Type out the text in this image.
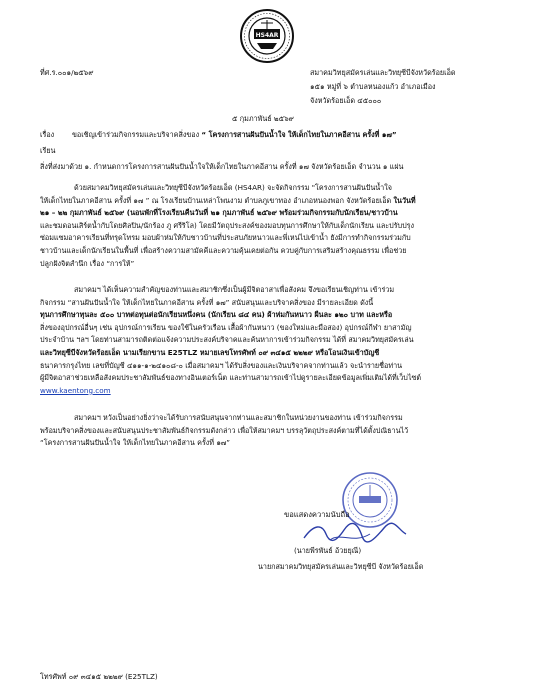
HS4AR
ที่ศ.ร.๐๐๑/๒๕๖๙	สมาคมวิทยุสมัครเล่นและวิทยุซีบีจังหวัดร้อยเอ็ด
๑๕๑ หมู่ที่ ๖ ตำบลหนองแก้ว อำเภอเมือง
จังหวัดร้อยเอ็ด ๔๕๐๐๐
๕ กุมภาพันธ์ ๒๕๖๙
เรื่อง ขอเชิญเข้าร่วมกิจกรรมและบริจาคสิ่งของ “ โครงการสานฝันปันน้ำใจ ให้เด็กไทยในภาคอีสาน ครั้งที่ ๑๗”
เรียน
สิ่งที่ส่งมาด้วย ๑. กำหนดการโครงการสานฝันปันน้ำใจให้เด็กไทยในภาคอีสาน ครั้งที่ ๑๗ จังหวัดร้อยเอ็ด จำนวน ๑ แผ่น
ด้วยสมาคมวิทยุสมัครเล่นและวิทยุซีบีจังหวัดร้อยเอ็ด (HS4AR) จะจัดกิจกรรม "โครงการสานฝันปันน้ำใจ
ให้เด็กไทยในภาคอีสาน ครั้งที่ ๑๗ ” ณ โรงเรียนบ้านเหล่าโพนงาม ตำบลภูเขาทอง อำเภอหนองพอก จังหวัดร้อยเอ็ด ในวันที่
๒๑ – ๒๒ กุมภาพันธ์ ๒๕๖๙ (นอนพักที่โรงเรียนคืนวันที่ ๒๑ กุมภาพันธ์ ๒๕๖๙ พร้อมร่วมกิจกรรมกับนักเรียน/ชาวบ้าน
และชมดอนเสิร์ตน้ำกับโดยศิลปิน/นักร้อง ภู ศรีริโล) โดยมีวัตถุประสงค์ของมอบทุนการศึกษาให้กับเด็กนักเรียน และปรับปรุง
ซ่อมแซมอาคารเรียนที่ทรุดโทรม มอบผ้าห่มให้กับชาวบ้านที่ประสบภัยหนาวและพี่เหน่ไปเข้าน้ำ ยังมีการทำกิจกรรมร่วมกับ
ชาวบ้านและเด็กนักเรียนในพื้นที่ เพื่อสร้างความสามัคคีและความคุ้นเคยต่อกัน ควบคู่กับการเสริมสร้างคุณธรรม เพื่อช่วย
ปลูกฝังจิตสำนึก เรื่อง “การให้”
สมาคมฯ ได้เห็นความสำคัญของท่านและสมาชิกซึ่งเป็นผู้มีจิตอาสาเพื่อสังคม จึงขอเรียนเชิญท่าน เข้าร่วม
กิจกรรม “สานฝันปันน้ำใจ ให้เด็กไทยในภาคอีสาน ครั้งที่ ๑๗” สนับสนุนและบริจาคสิ่งของ มีรายละเอียด ดังนี้
ทุนการศึกษาทุนละ ๕๐๐ บาทต่อทุนต่อนักเรียนหนึ่งคน (นักเรียน ๘๔ คน) ผ้าห่มกันหนาว ผืนละ ๑๒๐ บาท และหรือ
สิ่งของอุปกรณ์อื่นๆ เช่น อุปกรณ์การเรียน ของใช้ในครัวเรือน เสื้อผ้ากันหนาว (ของใหม่และมือสอง) อุปกรณ์กีฬา ยาสามัญ
ประจำบ้าน ฯลฯ โดยท่านสามารถติดต่อแจ้งความประสงค์บริจาคและค้นหาการเข้าร่วมกิจกรรม ได้ที่ สมาคมวิทยุสมัครเล่น
และวิทยุซีบีจังหวัดร้อยเอ็ด นามเรียกขาน E25TLZ หมายเลขโทรศัพท์ ๐๙ ๓๔๑๕ ๒๒๒๙ หรือโอนเงินเข้าบัญชี
ธนาคารกรุงไทย เลขที่บัญชี ๔๑๑-๑-๒๔๑๐๘-๐ เมื่อสมาคมฯ ได้รับสิ่งของและเงินบริจาคจากท่านแล้ว จะนำรายชื่อท่าน
ผู้มีจิตอาสาช่วยเหลือสังคมประชาสัมพันธ์ของทางอินเตอร์เน็ต และท่านสามารถเข้าไปดูรายละเอียดข้อมูลเพิ่มเติมได้ที่เว็บไซต์
www.kaentong.com
สมาคมฯ หวังเป็นอย่างยิ่งว่าจะได้รับการสนับสนุนจากท่านและสมาชิกในหน่วยงานของท่าน เข้าร่วมกิจกรรม
พร้อมบริจาคสิ่งของและสนับสนุนประชาสัมพันธ์กิจกรรมดังกล่าว เพื่อให้สมาคมฯ บรรลุวัตถุประสงค์ตามที่ได้ตั้งปณิธานไว้
“โครงการสานฝันปันน้ำใจ ให้เด็กไทยในภาคอีสาน ครั้งที่ ๑๗”
ขอแสดงความนับถือ
(นายพีรพันธ์ อ้วยยุณี)
นายกสมาคมวิทยุสมัครเล่นและวิทยุซีบี จังหวัดร้อยเอ็ด
โทรศัพท์ ๐๙ ๓๔๑๕ ๒๒๒๙ (E25TLZ)
